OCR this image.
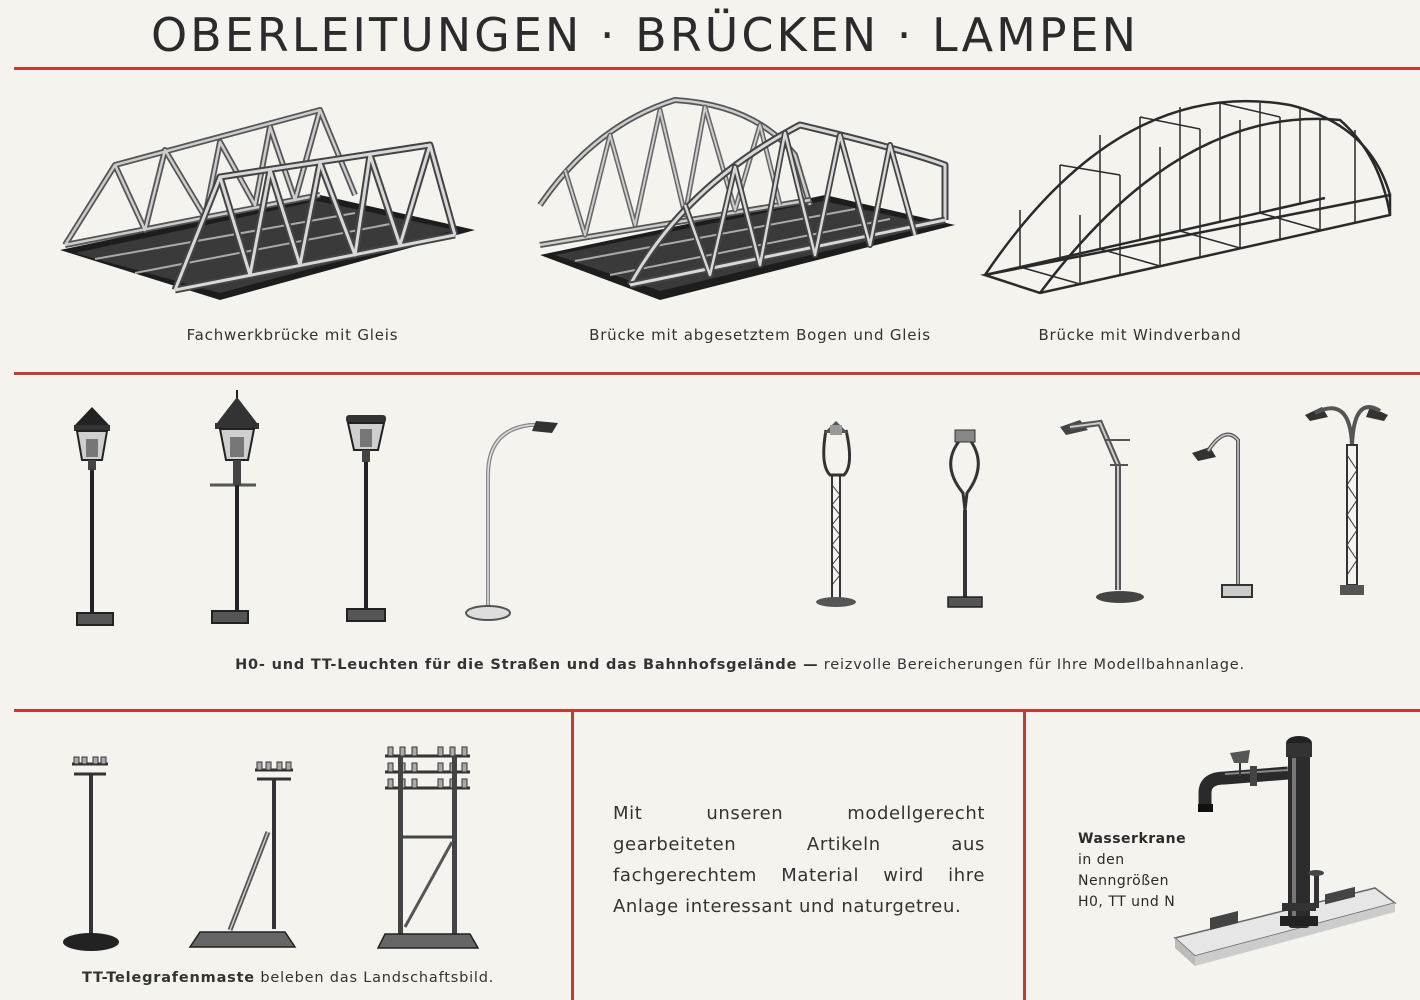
OBERLEITUNGEN · BRÜCKEN · LAMPEN
Fachwerkbrücke mit Gleis	Brücke mit abgesetztem Bogen und Gleis	Brücke mit Windverband
H0- und TT-Leuchten für die Straßen und das Bahnhofsgelände — reizvolle Bereicherungen für Ihre Modellbahnanlage.
TT-Telegrafenmaste beleben das Landschaftsbild.
Mit unseren modellgerecht gearbeiteten Artikeln aus fachgerechtem Material wird ihre Anlage interessant und naturgetreu.
Wasserkrane in den Nenngrößen H0, TT und N
